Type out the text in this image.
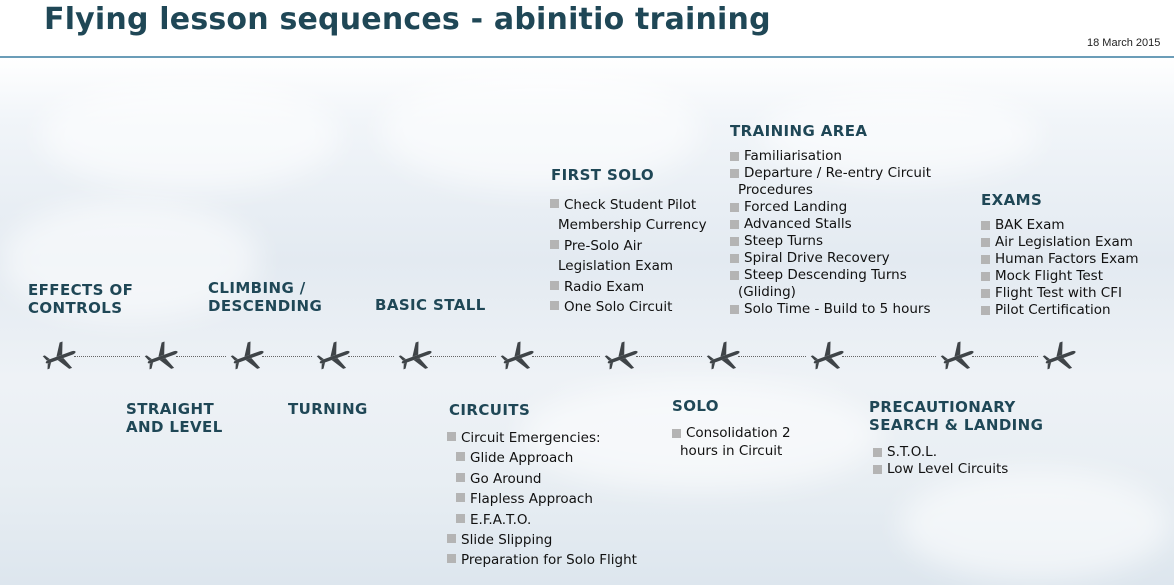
Flying lesson sequences - abinitio training
18 March 2015
EFFECTS OF
CONTROLS
STRAIGHT
AND LEVEL
CLIMBING /
DESCENDING
TURNING
BASIC STALL
CIRCUITS
Circuit Emergencies:
Glide Approach
Go Around
Flapless Approach
E.F.A.T.O.
Slide Slipping
Preparation for Solo Flight
FIRST SOLO
Check Student Pilot
Membership Currency
Pre-Solo Air
Legislation Exam
Radio Exam
One Solo Circuit
SOLO
Consolidation 2
hours in Circuit
TRAINING AREA
Familiarisation
Departure / Re-entry Circuit
Procedures
Forced Landing
Advanced Stalls
Steep Turns
Spiral Drive Recovery
Steep Descending Turns
(Gliding)
Solo Time - Build to 5 hours
PRECAUTIONARY
SEARCH & LANDING
S.T.O.L.
Low Level Circuits
EXAMS
BAK Exam
Air Legislation Exam
Human Factors Exam
Mock Flight Test
Flight Test with CFI
Pilot Certification
